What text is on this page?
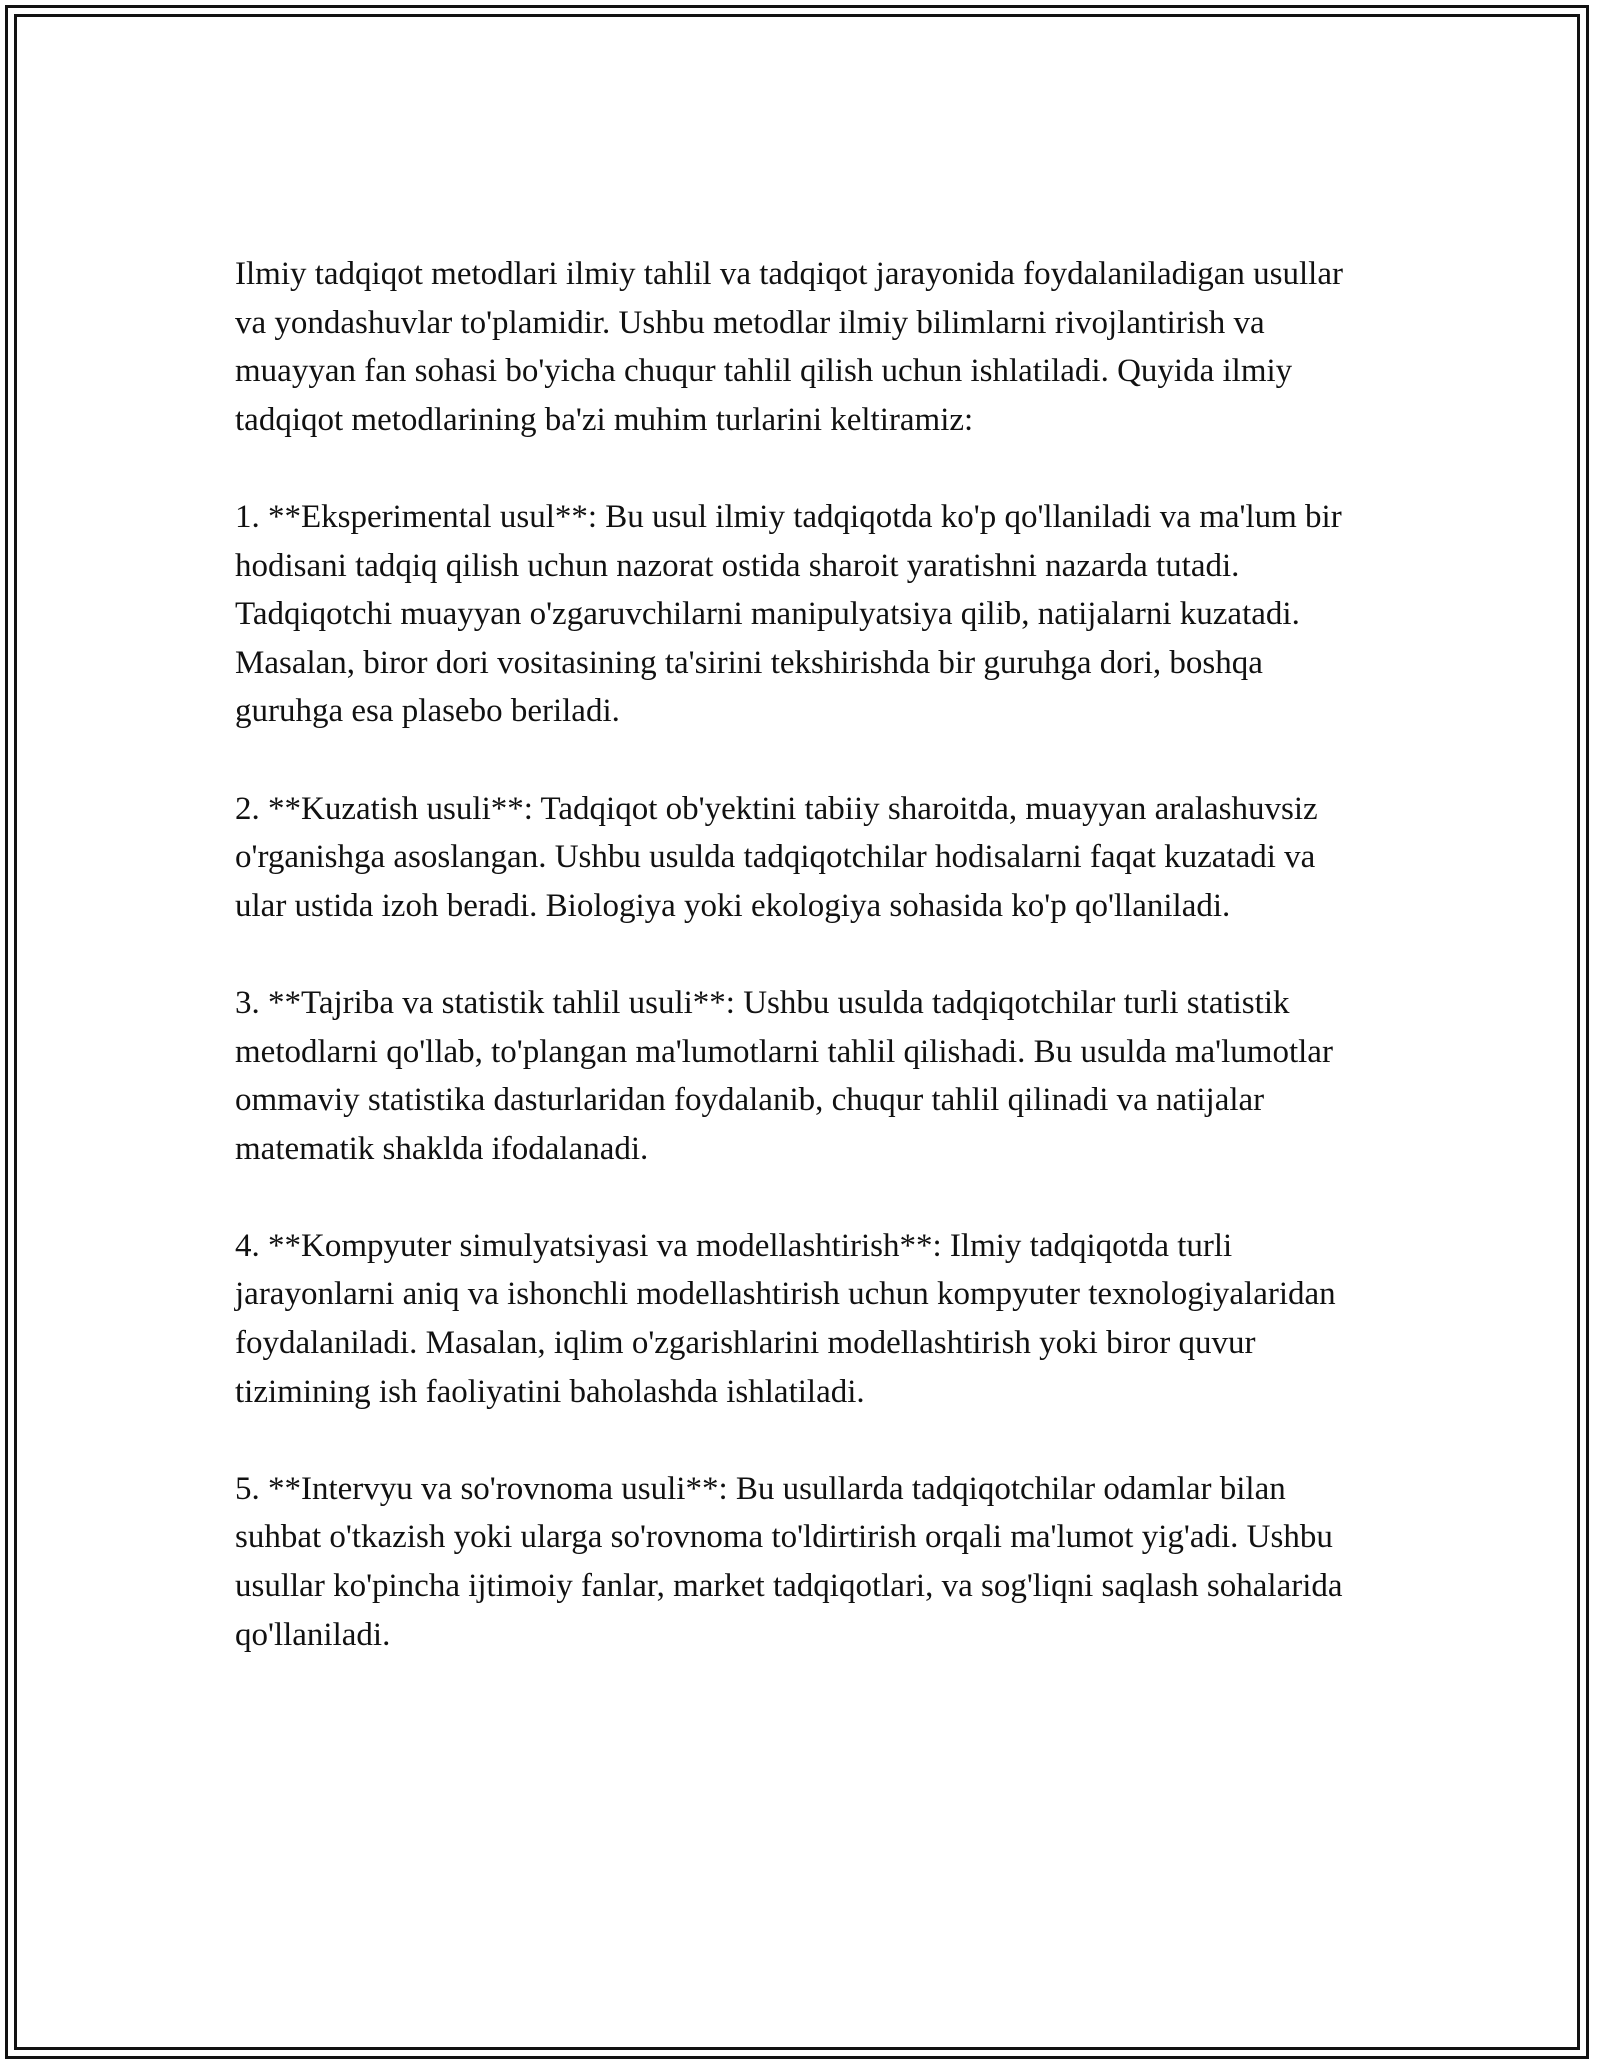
Ilmiy tadqiqot metodlari ilmiy tahlil va tadqiqot jarayonida foydalaniladigan usullar va yondashuvlar to'plamidir. Ushbu metodlar ilmiy bilimlarni rivojlantirish va muayyan fan sohasi bo'yicha chuqur tahlil qilish uchun ishlatiladi. Quyida ilmiy tadqiqot metodlarining ba'zi muhim turlarini keltiramiz:

1. **Eksperimental usul**: Bu usul ilmiy tadqiqotda ko'p qo'llaniladi va ma'lum bir hodisani tadqiq qilish uchun nazorat ostida sharoit yaratishni nazarda tutadi. Tadqiqotchi muayyan o'zgaruvchilarni manipulyatsiya qilib, natijalarni kuzatadi. Masalan, biror dori vositasining ta'sirini tekshirishda bir guruhga dori, boshqa guruhga esa plasebo beriladi.

2. **Kuzatish usuli**: Tadqiqot ob'yektini tabiiy sharoitda, muayyan aralashuvsiz o'rganishga asoslangan. Ushbu usulda tadqiqotchilar hodisalarni faqat kuzatadi va ular ustida izoh beradi. Biologiya yoki ekologiya sohasida ko'p qo'llaniladi.

3. **Tajriba va statistik tahlil usuli**: Ushbu usulda tadqiqotchilar turli statistik metodlarni qo'llab, to'plangan ma'lumotlarni tahlil qilishadi. Bu usulda ma'lumotlar ommaviy statistika dasturlaridan foydalanib, chuqur tahlil qilinadi va natijalar matematik shaklda ifodalanadi.

4. **Kompyuter simulyatsiyasi va modellashtirish**: Ilmiy tadqiqotda turli jarayonlarni aniq va ishonchli modellashtirish uchun kompyuter texnologiyalaridan foydalaniladi. Masalan, iqlim o'zgarishlarini modellashtirish yoki biror quvur tizimining ish faoliyatini baholashda ishlatiladi.

5. **Intervyu va so'rovnoma usuli**: Bu usullarda tadqiqotchilar odamlar bilan suhbat o'tkazish yoki ularga so'rovnoma to'ldirtirish orqali ma'lumot yig'adi. Ushbu usullar ko'pincha ijtimoiy fanlar, market tadqiqotlari, va sog'liqni saqlash sohalarida qo'llaniladi.
